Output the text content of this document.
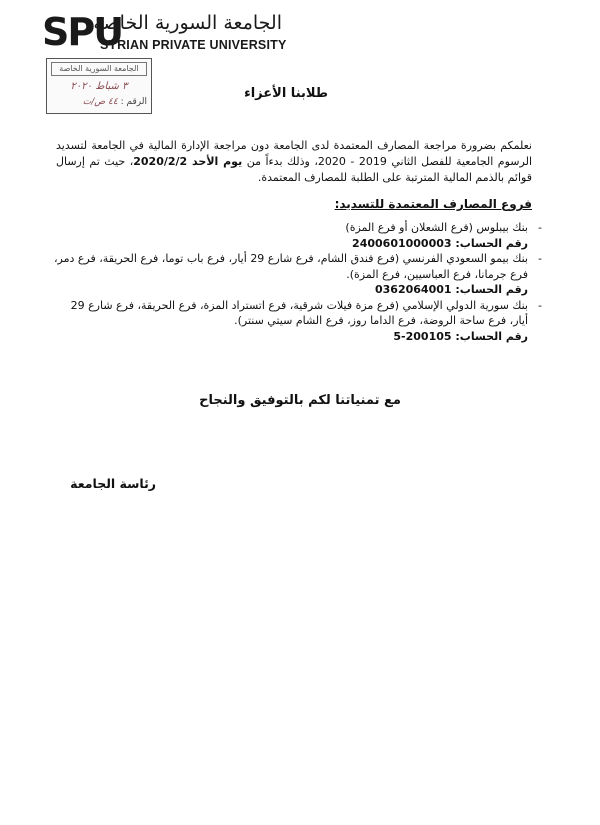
SPU
الجامعة السورية الخاصة
SYRIAN PRIVATE UNIVERSITY
الجامعة السورية الخاصة
٣ شباط ٢٠٢٠
الرقم : ٤٤ ص/ت
طلابنا الأعزاء
نعلمكم بضرورة مراجعة المصارف المعتمدة لدى الجامعة دون مراجعة الإدارة المالية في الجامعة لتسديد الرسوم الجامعية للفصل الثاني 2019 - 2020، وذلك بدءاً من يوم الأحد 2020/2/2، حيث تم إرسال قوائم بالذمم المالية المترتبة على الطلبة للمصارف المعتمدة.
فروع المصارف المعتمدة للتسديد:
-
بنك بيبلوس (فرع الشعلان أو فرع المزة)
رقم الحساب: 2400601000003
-
بنك بيمو السعودي الفرنسي (فرع فندق الشام، فرع شارع 29 أيار، فرع باب توما، فرع الحريقة، فرع دمر، فرع جرمانا، فرع العباسيين، فرع المزة).
رقم الحساب: 0362064001
-
بنك سورية الدولي الإسلامي (فرع مزة فيلات شرقية، فرع اتستراد المزة، فرع الحريقة، فرع شارع 29 أيار، فرع ساحة الروضة، فرع الداما روز، فرع الشام سيتي سنتر).
رقم الحساب: 200105-5
مع تمنياتنا لكم بالتوفيق والنجاح
رئاسة الجامعة
